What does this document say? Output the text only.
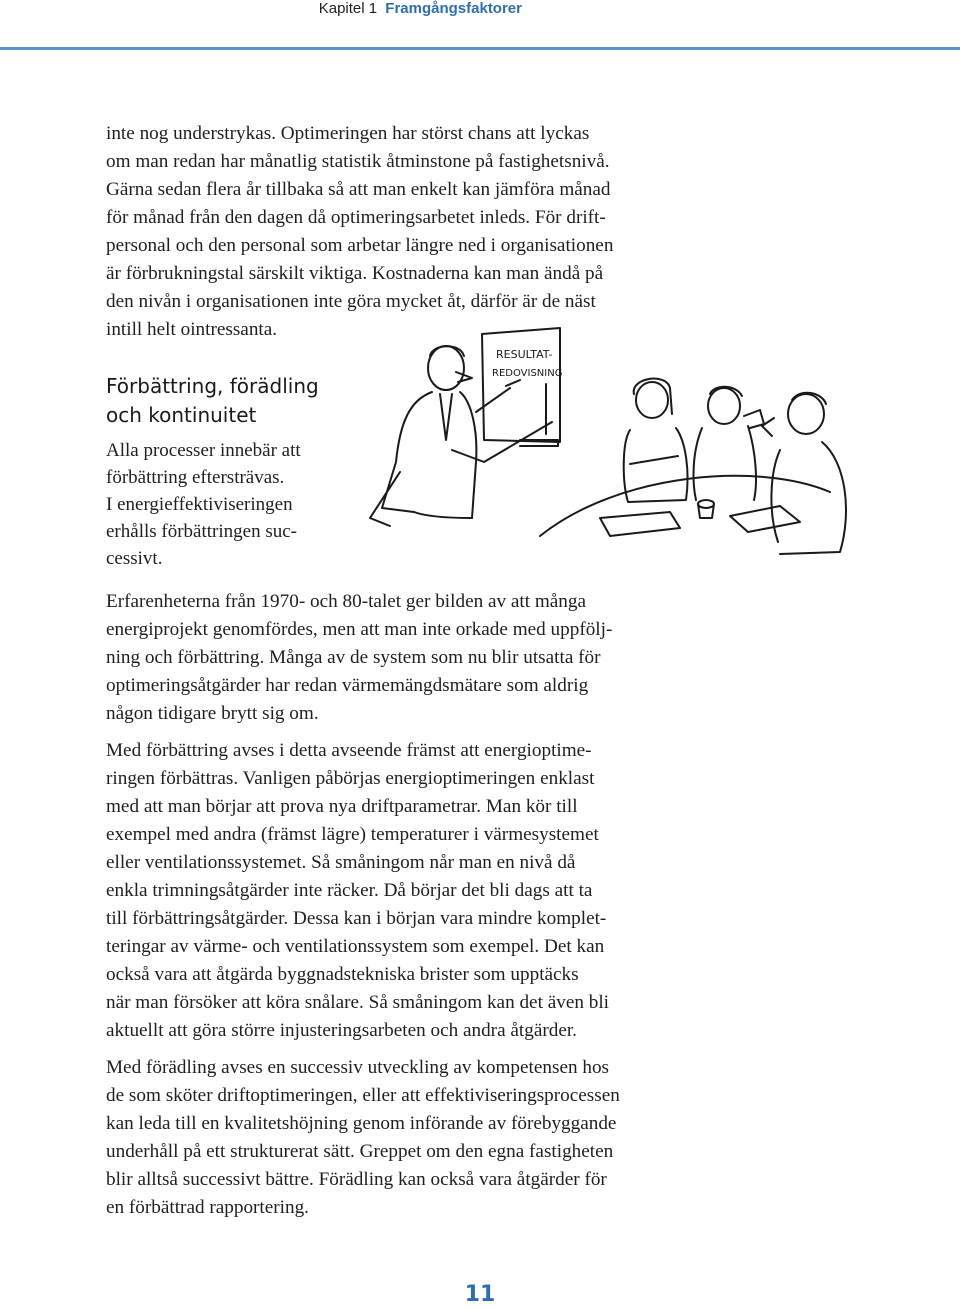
Kapitel 1 Framgångsfaktorer
inte nog understrykas. Optimeringen har störst chans att lyckas
om man redan har månatlig statistik åtminstone på fastighetsnivå.
Gärna sedan flera år tillbaka så att man enkelt kan jämföra månad
för månad från den dagen då optimeringsarbetet inleds. För drift-
personal och den personal som arbetar längre ned i organisationen
är förbrukningstal särskilt viktiga. Kostnaderna kan man ändå på
den nivån i organisationen inte göra mycket åt, därför är de näst
intill helt ointressanta.
Förbättring, förädling
och kontinuitet
Alla processer innebär att
förbättring eftersträvas.
I energieffektiviseringen
erhålls förbättringen suc-
cessivt.
RESULTAT-
REDOVISNING
Erfarenheterna från 1970- och 80-talet ger bilden av att många
energiprojekt genomfördes, men att man inte orkade med uppfölj-
ning och förbättring. Många av de system som nu blir utsatta för
optimeringsåtgärder har redan värmemängdsmätare som aldrig
någon tidigare brytt sig om.
Med förbättring avses i detta avseende främst att energioptime-
ringen förbättras. Vanligen påbörjas energioptimeringen enklast
med att man börjar att prova nya driftparametrar. Man kör till
exempel med andra (främst lägre) temperaturer i värmesystemet
eller ventilationssystemet. Så småningom når man en nivå då
enkla trimningsåtgärder inte räcker. Då börjar det bli dags att ta
till förbättringsåtgärder. Dessa kan i början vara mindre komplet-
teringar av värme- och ventilationssystem som exempel. Det kan
också vara att åtgärda byggnadstekniska brister som upptäcks
när man försöker att köra snålare. Så småningom kan det även bli
aktuellt att göra större injusteringsarbeten och andra åtgärder.
Med förädling avses en successiv utveckling av kompetensen hos
de som sköter driftoptimeringen, eller att effektiviseringsprocessen
kan leda till en kvalitetshöjning genom införande av förebyggande
underhåll på ett strukturerat sätt. Greppet om den egna fastigheten
blir alltså successivt bättre. Förädling kan också vara åtgärder för
en förbättrad rapportering.
11
